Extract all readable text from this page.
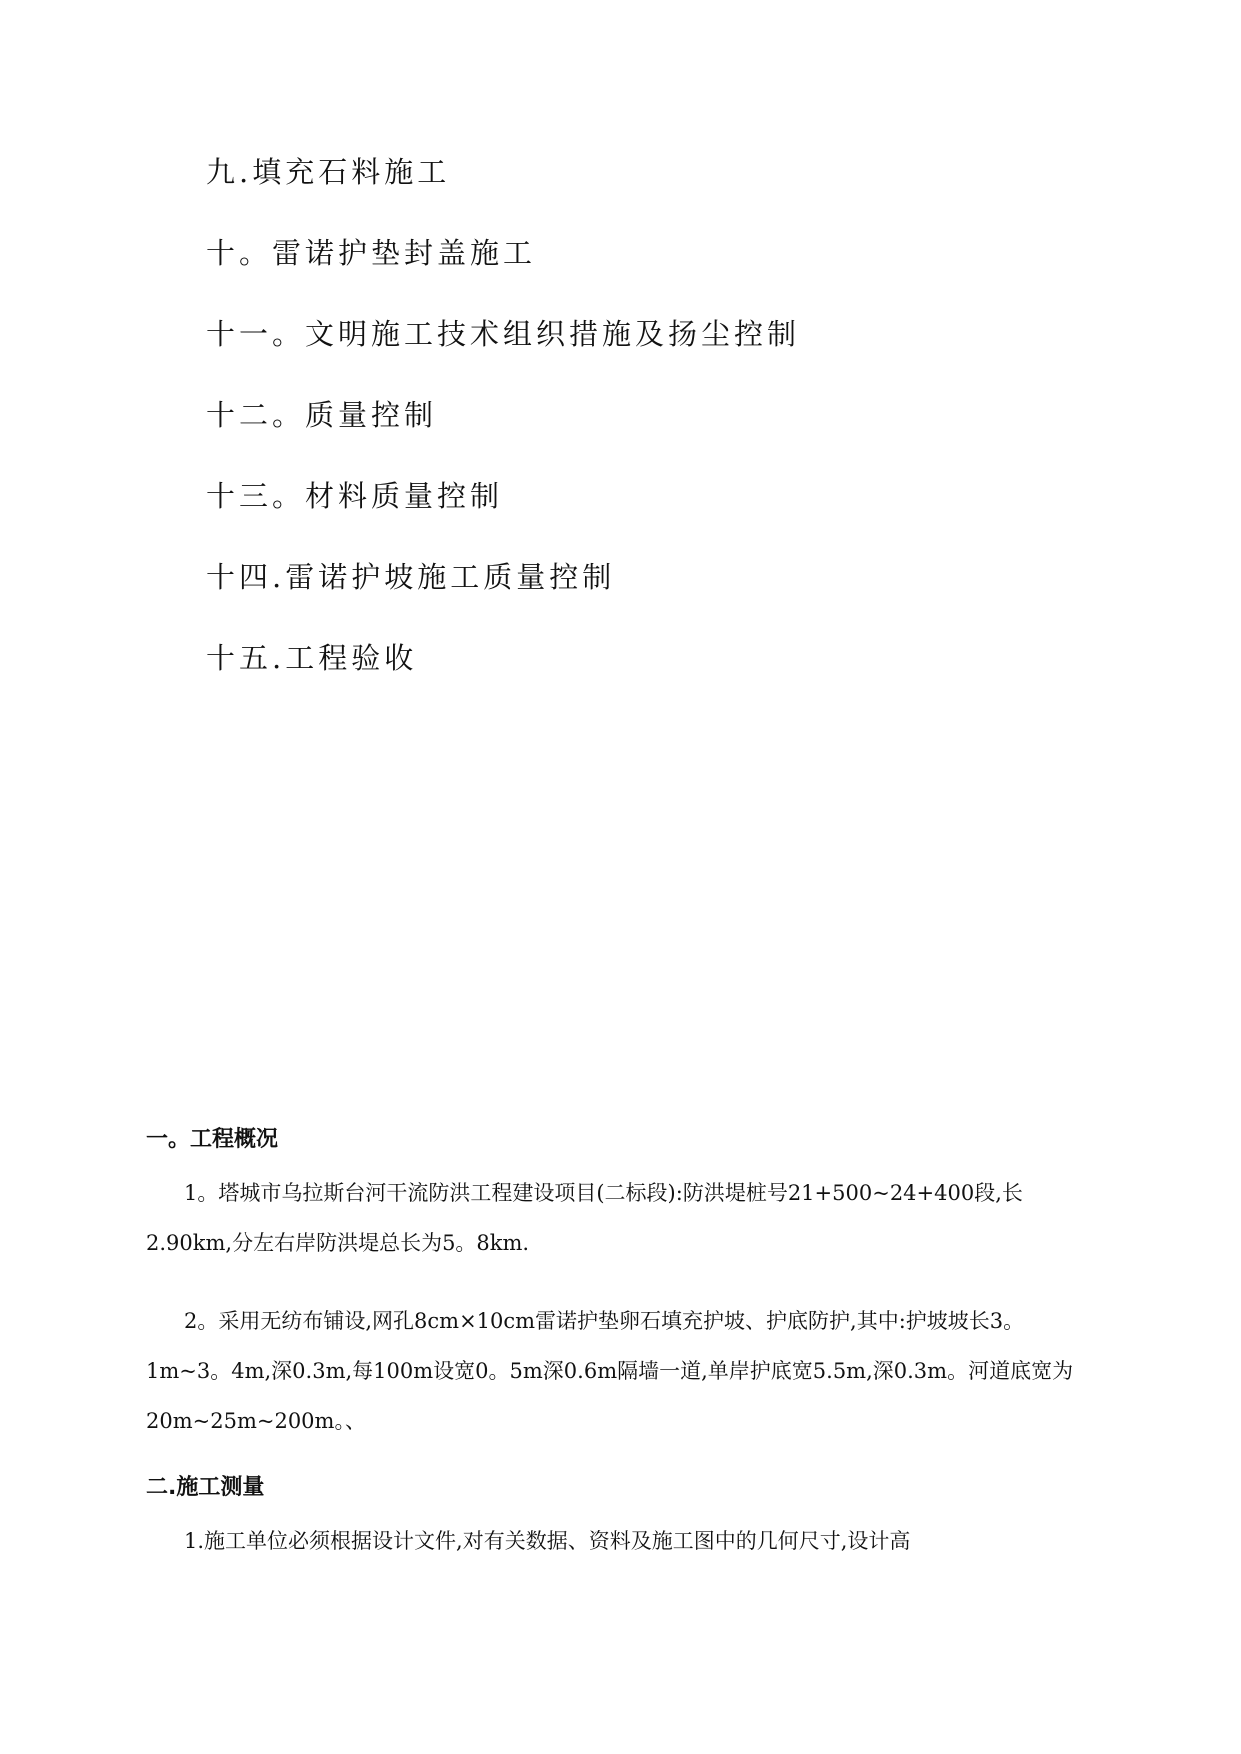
九.填充石料施工
十。雷诺护垫封盖施工
十一。文明施工技术组织措施及扬尘控制
十二。质量控制
十三。材料质量控制
十四.雷诺护坡施工质量控制
十五.工程验收
一。工程概况

1。塔城市乌拉斯台河干流防洪工程建设项目(二标段):防洪堤桩号21+500~24+400段,长2.90km,分左右岸防洪堤总长为5。8km.

2。采用无纺布铺设,网孔8cm×10cm雷诺护垫卵石填充护坡、护底防护,其中:护坡坡长3。1m~3。4m,深0.3m,每100m设宽0。5m深0.6m隔墙一道,单岸护底宽5.5m,深0.3m。河道底宽为20m~25m~200m。、

二.施工测量

1.施工单位必须根据设计文件,对有关数据、资料及施工图中的几何尺寸,设计高
